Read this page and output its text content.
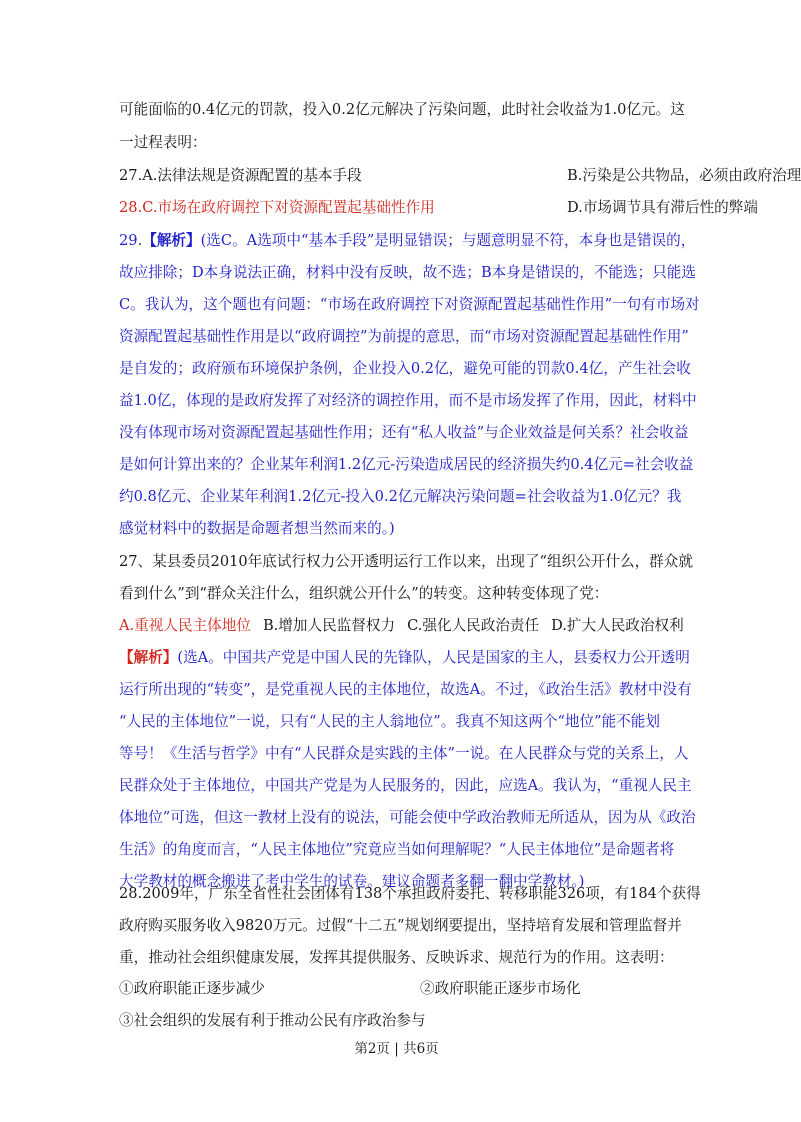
可能面临的0.4亿元的罚款，投入0.2亿元解决了污染问题，此时社会收益为1.0亿元。这
一过程表明：
27.A.法律法规是资源配置的基本手段	B.污染是公共物品，必须由政府治理
28.C.市场在政府调控下对资源配置起基础性作用	D.市场调节具有滞后性的弊端
29.【解析】(选C。A选项中“基本手段”是明显错误；与题意明显不符，本身也是错误的，
故应排除；D本身说法正确，材料中没有反映，故不选；B本身是错误的，不能选；只能选
C。我认为，这个题也有问题：“市场在政府调控下对资源配置起基础性作用”一句有市场对
资源配置起基础性作用是以“政府调控”为前提的意思，而“市场对资源配置起基础性作用”
是自发的；政府颁布环境保护条例，企业投入0.2亿，避免可能的罚款0.4亿，产生社会收
益1.0亿，体现的是政府发挥了对经济的调控作用，而不是市场发挥了作用，因此，材料中
没有体现市场对资源配置起基础性作用；还有“私人收益”与企业效益是何关系？社会收益
是如何计算出来的？企业某年利润1.2亿元-污染造成居民的经济损失约0.4亿元=社会收益
约0.8亿元、企业某年利润1.2亿元-投入0.2亿元解决污染问题=社会收益为1.0亿元？我
感觉材料中的数据是命题者想当然而来的。)
27、某县委员2010年底试行权力公开透明运行工作以来，出现了“组织公开什么，群众就
看到什么”到“群众关注什么，组织就公开什么”的转变。这种转变体现了党：
A.重视人民主体地位 B.增加人民监督权力 C.强化人民政治责任 D.扩大人民政治权利
【解析】(选A。中国共产党是中国人民的先锋队，人民是国家的主人，县委权力公开透明
运行所出现的“转变”，是党重视人民的主体地位，故选A。不过，《政治生活》教材中没有
“人民的主体地位”一说，只有“人民的主人翁地位”。我真不知这两个“地位”能不能划
等号！《生活与哲学》中有“人民群众是实践的主体”一说。在人民群众与党的关系上，人
民群众处于主体地位，中国共产党是为人民服务的，因此，应选A。我认为，“重视人民主
体地位”可选，但这一教材上没有的说法，可能会使中学政治教师无所适从，因为从《政治
生活》的角度而言，“人民主体地位”究竟应当如何理解呢？“人民主体地位”是命题者将
大学教材的概念搬进了考中学生的试卷。建议命题者多翻一翻中学教材。)
28.2009年，广东全省性社会团体有138个承担政府委托、转移职能326项，有184个获得
政府购买服务收入9820万元。过假“十二五”规划纲要提出，坚持培育发展和管理监督并
重，推动社会组织健康发展，发挥其提供服务、反映诉求、规范行为的作用。这表明：
①政府职能正逐步减少	②政府职能正逐步市场化
第2页 | 共6页
③社会组织的发展有利于推动公民有序政治参与
